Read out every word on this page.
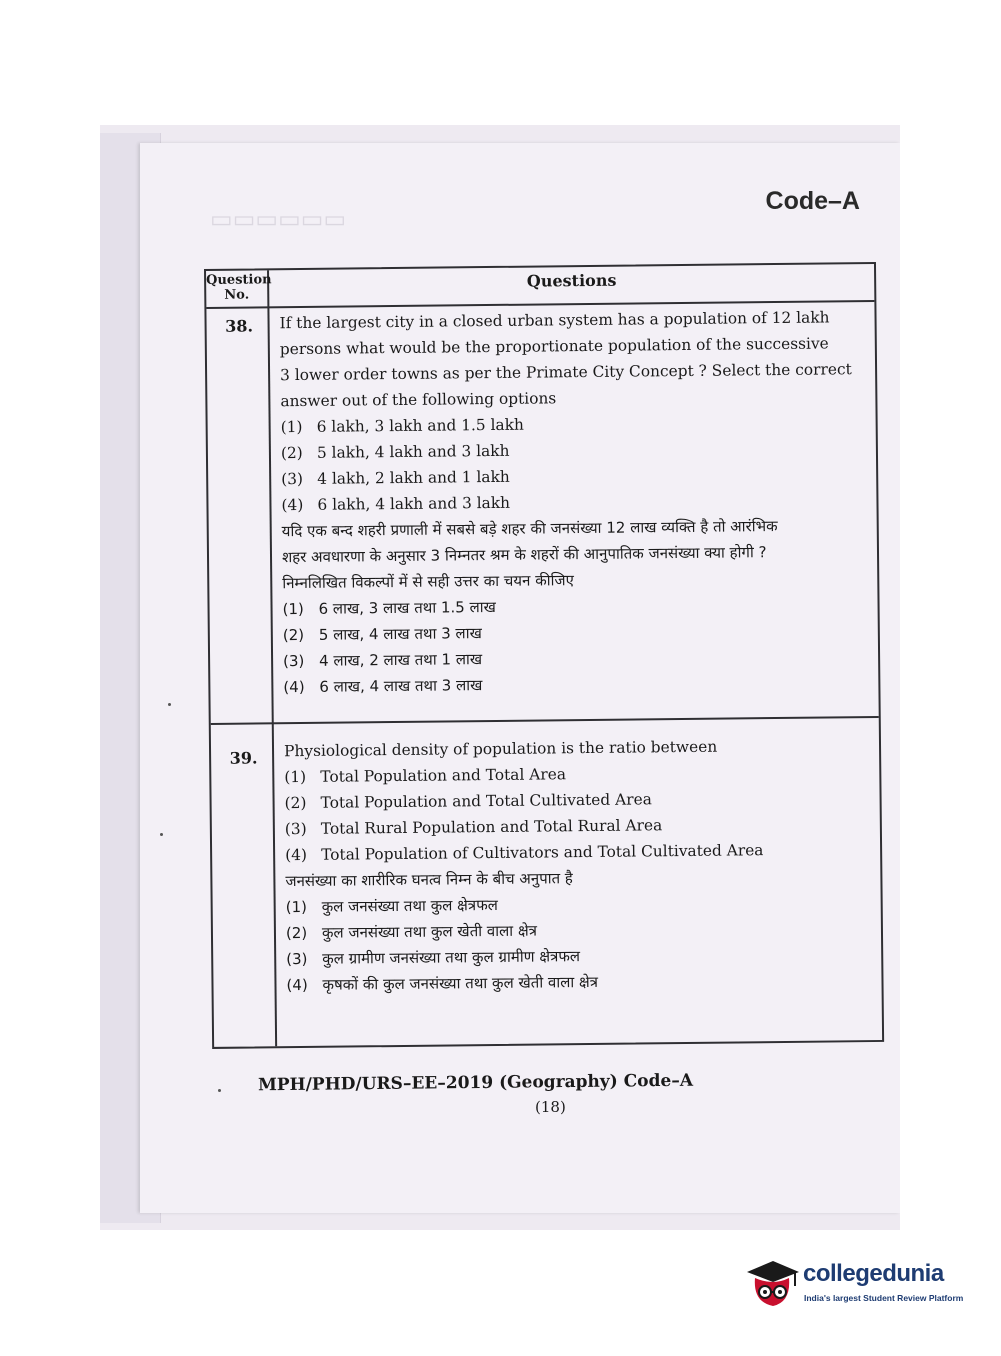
▭▭▭▭▭▭
Code–A
Question No.
Questions
38.	If the largest city in a closed urban system has a population of 12 lakh
persons what would be the proportionate population of the successive
3 lower order towns as per the Primate City Concept ? Select the correct
answer out of the following options
(1) 6 lakh, 3 lakh and 1.5 lakh
(2) 5 lakh, 4 lakh and 3 lakh
(3) 4 lakh, 2 lakh and 1 lakh
(4) 6 lakh, 4 lakh and 3 lakh
यदि एक बन्द शहरी प्रणाली में सबसे बड़े शहर की जनसंख्या 12 लाख व्यक्ति है तो आरंभिक
शहर अवधारणा के अनुसार 3 निम्नतर श्रम के शहरों की आनुपातिक जनसंख्या क्या होगी ?
निम्नलिखित विकल्पों में से सही उत्तर का चयन कीजिए
(1) 6 लाख, 3 लाख तथा 1.5 लाख
(2) 5 लाख, 4 लाख तथा 3 लाख
(3) 4 लाख, 2 लाख तथा 1 लाख
(4) 6 लाख, 4 लाख तथा 3 लाख
39.	Physiological density of population is the ratio between
(1) Total Population and Total Area
(2) Total Population and Total Cultivated Area
(3) Total Rural Population and Total Rural Area
(4) Total Population of Cultivators and Total Cultivated Area
जनसंख्या का शारीरिक घनत्व निम्न के बीच अनुपात है
(1) कुल जनसंख्या तथा कुल क्षेत्रफल
(2) कुल जनसंख्या तथा कुल खेती वाला क्षेत्र
(3) कुल ग्रामीण जनसंख्या तथा कुल ग्रामीण क्षेत्रफल
(4) कृषकों की कुल जनसंख्या तथा कुल खेती वाला क्षेत्र
MPH/PHD/URS–EE–2019 (Geography) Code–A
(18)
collegedunia
India's largest Student Review Platform
